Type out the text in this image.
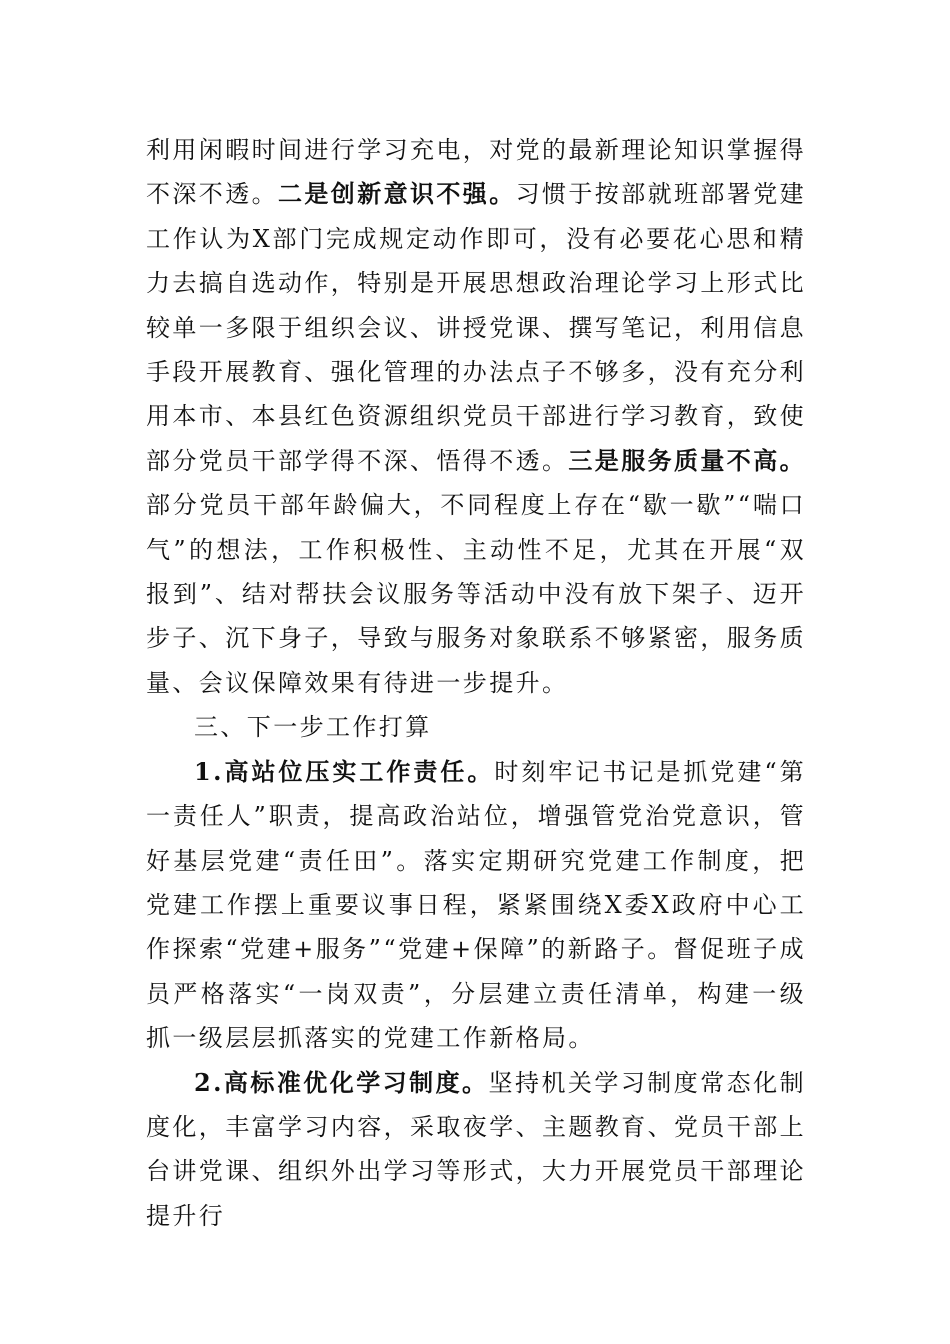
利用闲暇时间进行学习充电，对党的最新理论知识掌握得不深不透。二是创新意识不强。习惯于按部就班部署党建工作认为X部门完成规定动作即可，没有必要花心思和精力去搞自选动作，特别是开展思想政治理论学习上形式比较单一多限于组织会议、讲授党课、撰写笔记，利用信息手段开展教育、强化管理的办法点子不够多，没有充分利用本市、本县红色资源组织党员干部进行学习教育，致使部分党员干部学得不深、悟得不透。三是服务质量不高。部分党员干部年龄偏大，不同程度上存在“歇一歇”“喘口气”的想法，工作积极性、主动性不足，尤其在开展“双报到”、结对帮扶会议服务等活动中没有放下架子、迈开步子、沉下身子，导致与服务对象联系不够紧密，服务质量、会议保障效果有待进一步提升。

三、下一步工作打算

1.高站位压实工作责任。时刻牢记书记是抓党建“第一责任人”职责，提高政治站位，增强管党治党意识，管好基层党建“责任田”。落实定期研究党建工作制度，把党建工作摆上重要议事日程，紧紧围绕X委X政府中心工作探索“党建+服务”“党建+保障”的新路子。督促班子成员严格落实“一岗双责”，分层建立责任清单，构建一级抓一级层层抓落实的党建工作新格局。

2.高标准优化学习制度。坚持机关学习制度常态化制度化，丰富学习内容，采取夜学、主题教育、党员干部上台讲党课、组织外出学习等形式，大力开展党员干部理论提升行
